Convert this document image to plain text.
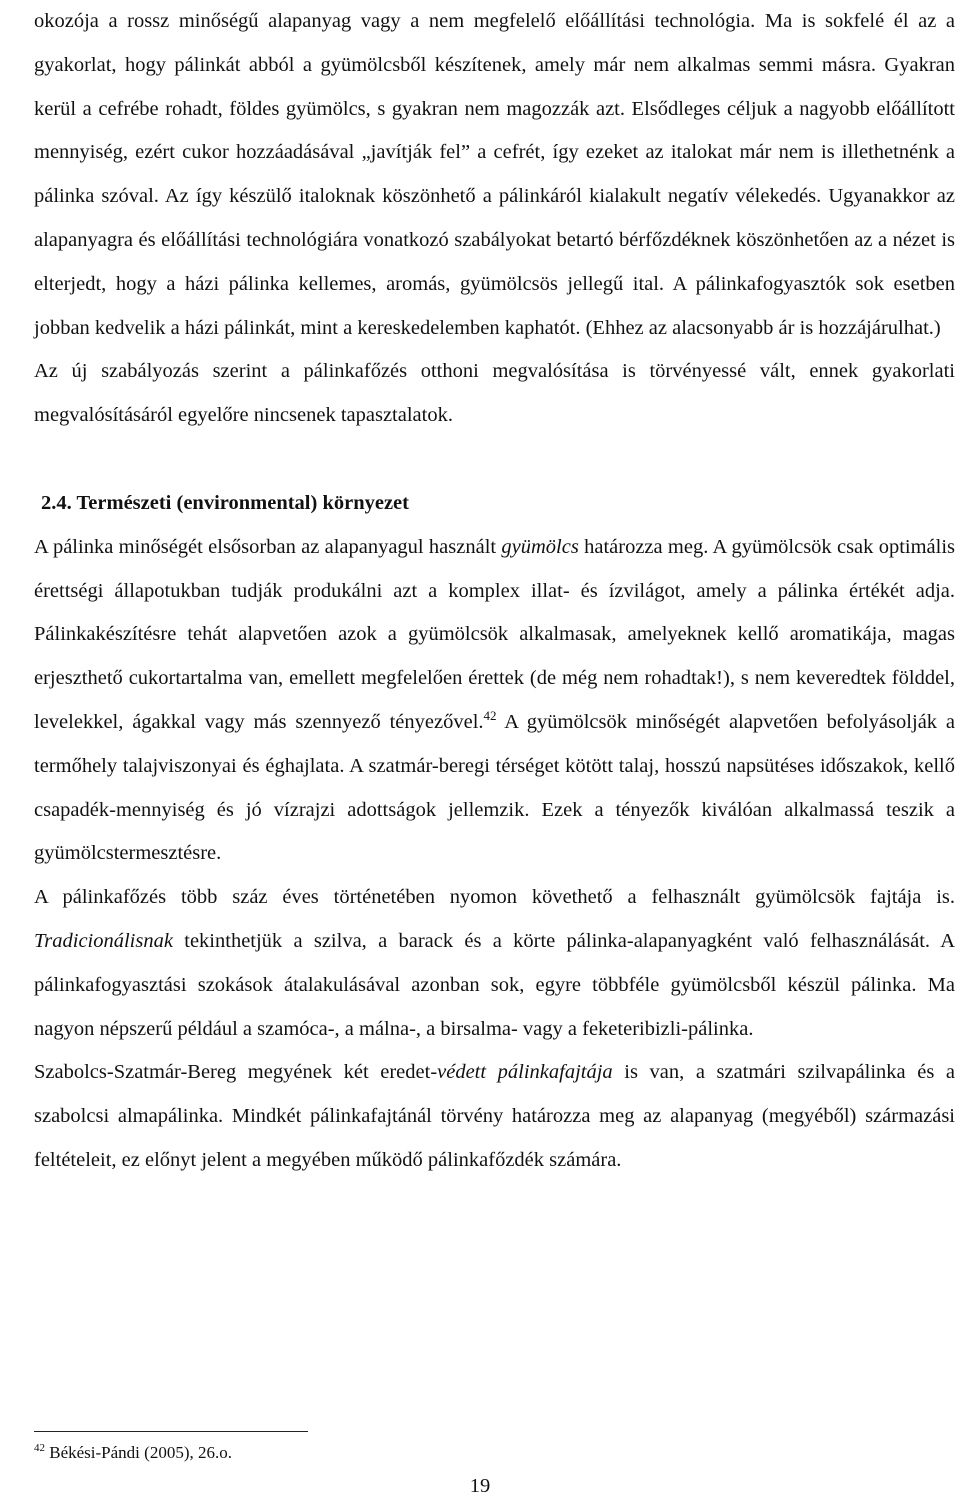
okozója a rossz minőségű alapanyag vagy a nem megfelelő előállítási technológia. Ma is sokfelé él az a gyakorlat, hogy pálinkát abból a gyümölcsből készítenek, amely már nem alkalmas semmi másra. Gyakran kerül a cefrébe rohadt, földes gyümölcs, s gyakran nem magozzák azt. Elsődleges céljuk a nagyobb előállított mennyiség, ezért cukor hozzáadásával „javítják fel” a cefrét, így ezeket az italokat már nem is illethetnénk a pálinka szóval. Az így készülő italoknak köszönhető a pálinkáról kialakult negatív vélekedés. Ugyanakkor az alapanyagra és előállítási technológiára vonatkozó szabályokat betartó bérfőzdéknek köszönhetően az a nézet is elterjedt, hogy a házi pálinka kellemes, aromás, gyümölcsös jellegű ital. A pálinkafogyasztók sok esetben jobban kedvelik a házi pálinkát, mint a kereskedelemben kaphatót. (Ehhez az alacsonyabb ár is hozzájárulhat.)

Az új szabályozás szerint a pálinkafőzés otthoni megvalósítása is törvényessé vált, ennek gyakorlati megvalósításáról egyelőre nincsenek tapasztalatok.

2.4. Természeti (environmental) környezet

A pálinka minőségét elsősorban az alapanyagul használt gyümölcs határozza meg. A gyümölcsök csak optimális érettségi állapotukban tudják produkálni azt a komplex illat- és ízvilágot, amely a pálinka értékét adja. Pálinkakészítésre tehát alapvetően azok a gyümölcsök alkalmasak, amelyeknek kellő aromatikája, magas erjeszthető cukortartalma van, emellett megfelelően érettek (de még nem rohadtak!), s nem keveredtek földdel, levelekkel, ágakkal vagy más szennyező tényezővel.$^{42}$ A gyümölcsök minőségét alapvetően befolyásolják a termőhely talajviszonyai és éghajlata. A szatmár-beregi térséget kötött talaj, hosszú napsütéses időszakok, kellő csapadék-mennyiség és jó vízrajzi adottságok jellemzik. Ezek a tényezők kiválóan alkalmassá teszik a gyümölcstermesztésre.

A pálinkafőzés több száz éves történetében nyomon követhető a felhasznált gyümölcsök fajtája is. Tradicionálisnak tekinthetjük a szilva, a barack és a körte pálinka-alapanyagként való felhasználását. A pálinkafogyasztási szokások átalakulásával azonban sok, egyre többféle gyümölcsből készül pálinka. Ma nagyon népszerű például a szamóca-, a málna-, a birsalma- vagy a feketeribizli-pálinka.

Szabolcs-Szatmár-Bereg megyének két eredet-védett pálinkafajtája is van, a szatmári szilvapálinka és a szabolcsi almapálinka. Mindkét pálinkafajtánál törvény határozza meg az alapanyag (megyéből) származási feltételeit, ez előnyt jelent a megyében működő pálinkafőzdék számára.

$^{42}$ Békési-Pándi (2005), 26.o.
19
